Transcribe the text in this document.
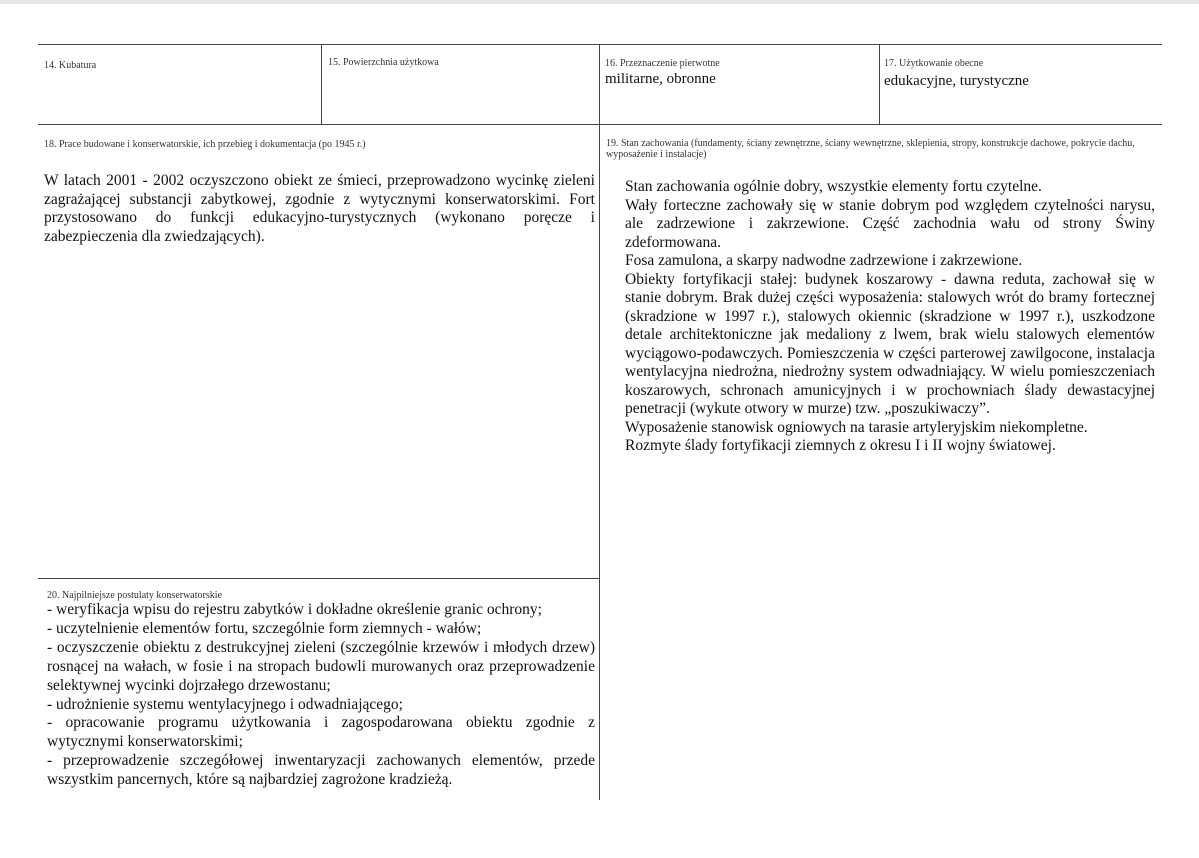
14. Kubatura	15. Powierzchnia użytkowa	16. Przeznaczenie pierwotne
militarne, obronne
17. Użytkowanie obecne
edukacyjne, turystyczne
18. Prace budowane i konserwatorskie, ich przebieg i dokumentacja (po 1945 r.)

W latach 2001 - 2002 oczyszczono obiekt ze śmieci, przeprowadzono wycinkę zieleni zagrażającej substancji zabytkowej, zgodnie z wytycznymi konserwatorskimi. Fort przystosowano do funkcji edukacyjno-turystycznych (wykonano poręcze i zabezpieczenia dla zwiedzających).

19. Stan zachowania (fundamenty, ściany zewnętrzne, ściany wewnętrzne, sklepienia, stropy, konstrukcje dachowe, pokrycie dachu, wyposażenie i instalacje)
Stan zachowania ogólnie dobry, wszystkie elementy fortu czytelne.
Wały forteczne zachowały się w stanie dobrym pod względem czytelności narysu, ale zadrzewione i zakrzewione. Część zachodnia wału od strony Świny zdeformowana.
Fosa zamulona, a skarpy nadwodne zadrzewione i zakrzewione.
Obiekty fortyfikacji stałej: budynek koszarowy - dawna reduta, zachował się w stanie dobrym. Brak dużej części wyposażenia: stalowych wrót do bramy fortecznej (skradzione w 1997 r.), stalowych okiennic (skradzione w 1997 r.), uszkodzone detale architektoniczne jak medaliony z lwem, brak wielu stalowych elementów wyciągowo-podawczych. Pomieszczenia w części parterowej zawilgocone, instalacja wentylacyjna niedrożna, niedrożny system odwadniający. W wielu pomieszczeniach koszarowych, schronach amunicyjnych i w prochowniach ślady dewastacyjnej penetracji (wykute otwory w murze) tzw. „poszukiwaczy”.
Wyposażenie stanowisk ogniowych na tarasie artyleryjskim niekompletne.
Rozmyte ślady fortyfikacji ziemnych z okresu I i II wojny światowej.
20. Najpilniejsze postulaty konserwatorskie
- weryfikacja wpisu do rejestru zabytków i dokładne określenie granic ochrony;
- uczytelnienie elementów fortu, szczególnie form ziemnych - wałów;
- oczyszczenie obiektu z destrukcyjnej zieleni (szczególnie krzewów i młodych drzew) rosnącej na wałach, w fosie i na stropach budowli murowanych oraz przeprowadzenie selektywnej wycinki dojrzałego drzewostanu;
- udrożnienie systemu wentylacyjnego i odwadniającego;
- opracowanie programu użytkowania i zagospodarowana obiektu zgodnie z wytycznymi konserwatorskimi;
- przeprowadzenie szczegółowej inwentaryzacji zachowanych elementów, przede wszystkim pancernych, które są najbardziej zagrożone kradzieżą.
